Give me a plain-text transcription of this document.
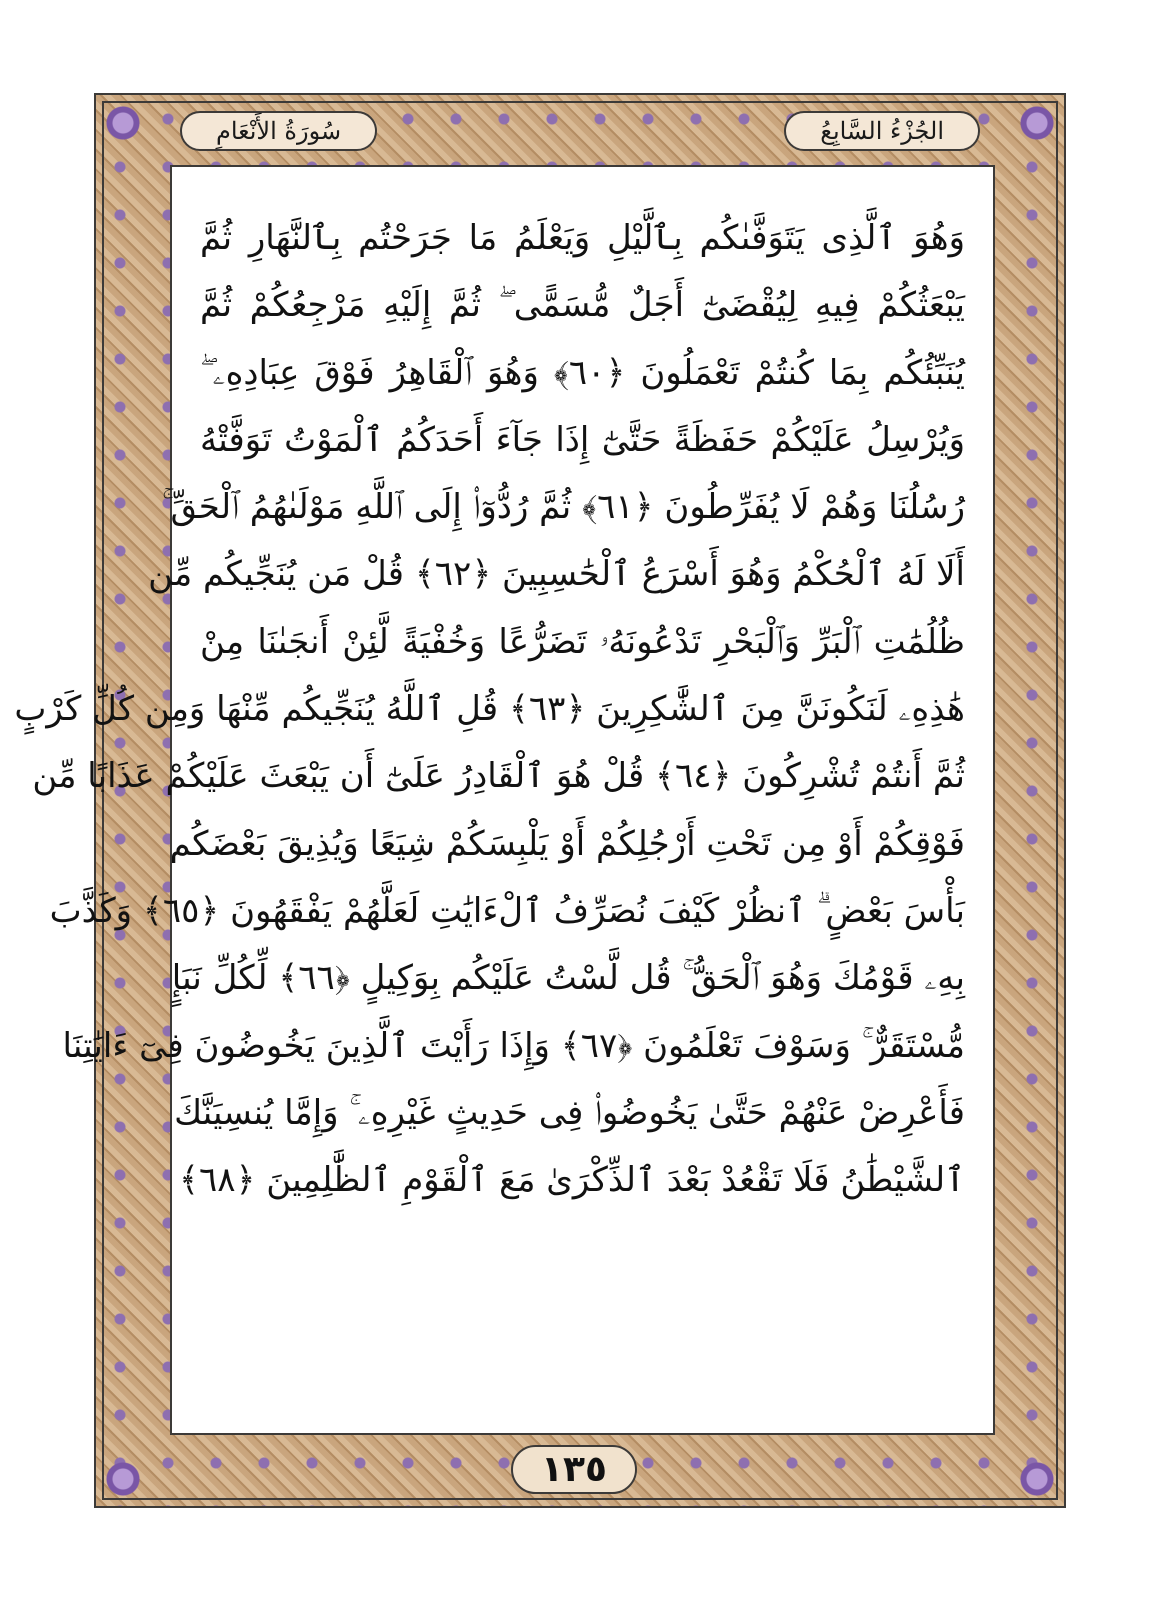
الجُزْءُ السَّابِعُ
سُورَةُ الأَنْعَامِ
وَهُوَ ٱلَّذِى يَتَوَفَّىٰكُم بِٱلَّيْلِ وَيَعْلَمُ مَا جَرَحْتُم بِٱلنَّهَارِ ثُمَّ
يَبْعَثُكُمْ فِيهِ لِيُقْضَىٰٓ أَجَلٌ مُّسَمًّى ۖ ثُمَّ إِلَيْهِ مَرْجِعُكُمْ ثُمَّ
يُنَبِّئُكُم بِمَا كُنتُمْ تَعْمَلُونَ ﴿٦٠﴾ وَهُوَ ٱلْقَاهِرُ فَوْقَ عِبَادِهِۦ ۖ
وَيُرْسِلُ عَلَيْكُمْ حَفَظَةً حَتَّىٰٓ إِذَا جَآءَ أَحَدَكُمُ ٱلْمَوْتُ تَوَفَّتْهُ
رُسُلُنَا وَهُمْ لَا يُفَرِّطُونَ ﴿٦١﴾ ثُمَّ رُدُّوٓا۟ إِلَى ٱللَّهِ مَوْلَىٰهُمُ ٱلْحَقِّ ۚ
أَلَا لَهُ ٱلْحُكْمُ وَهُوَ أَسْرَعُ ٱلْحَٰسِبِينَ ﴿٦٢﴾ قُلْ مَن يُنَجِّيكُم مِّن
ظُلُمَٰتِ ٱلْبَرِّ وَٱلْبَحْرِ تَدْعُونَهُۥ تَضَرُّعًا وَخُفْيَةً لَّئِنْ أَنجَىٰنَا مِنْ
هَٰذِهِۦ لَنَكُونَنَّ مِنَ ٱلشَّٰكِرِينَ ﴿٦٣﴾ قُلِ ٱللَّهُ يُنَجِّيكُم مِّنْهَا وَمِن كُلِّ كَرْبٍ
ثُمَّ أَنتُمْ تُشْرِكُونَ ﴿٦٤﴾ قُلْ هُوَ ٱلْقَادِرُ عَلَىٰٓ أَن يَبْعَثَ عَلَيْكُمْ عَذَابًا مِّن
فَوْقِكُمْ أَوْ مِن تَحْتِ أَرْجُلِكُمْ أَوْ يَلْبِسَكُمْ شِيَعًا وَيُذِيقَ بَعْضَكُم
بَأْسَ بَعْضٍ ۗ ٱنظُرْ كَيْفَ نُصَرِّفُ ٱلْءَايَٰتِ لَعَلَّهُمْ يَفْقَهُونَ ﴿٦٥﴾ وَكَذَّبَ
بِهِۦ قَوْمُكَ وَهُوَ ٱلْحَقُّ ۚ قُل لَّسْتُ عَلَيْكُم بِوَكِيلٍ ﴿٦٦﴾ لِّكُلِّ نَبَإٍ
مُّسْتَقَرٌّ ۚ وَسَوْفَ تَعْلَمُونَ ﴿٦٧﴾ وَإِذَا رَأَيْتَ ٱلَّذِينَ يَخُوضُونَ فِىٓ ءَايَٰتِنَا
فَأَعْرِضْ عَنْهُمْ حَتَّىٰ يَخُوضُوا۟ فِى حَدِيثٍ غَيْرِهِۦ ۚ وَإِمَّا يُنسِيَنَّكَ
ٱلشَّيْطَٰنُ فَلَا تَقْعُدْ بَعْدَ ٱلذِّكْرَىٰ مَعَ ٱلْقَوْمِ ٱلظَّٰلِمِينَ ﴿٦٨﴾
١٣٥
